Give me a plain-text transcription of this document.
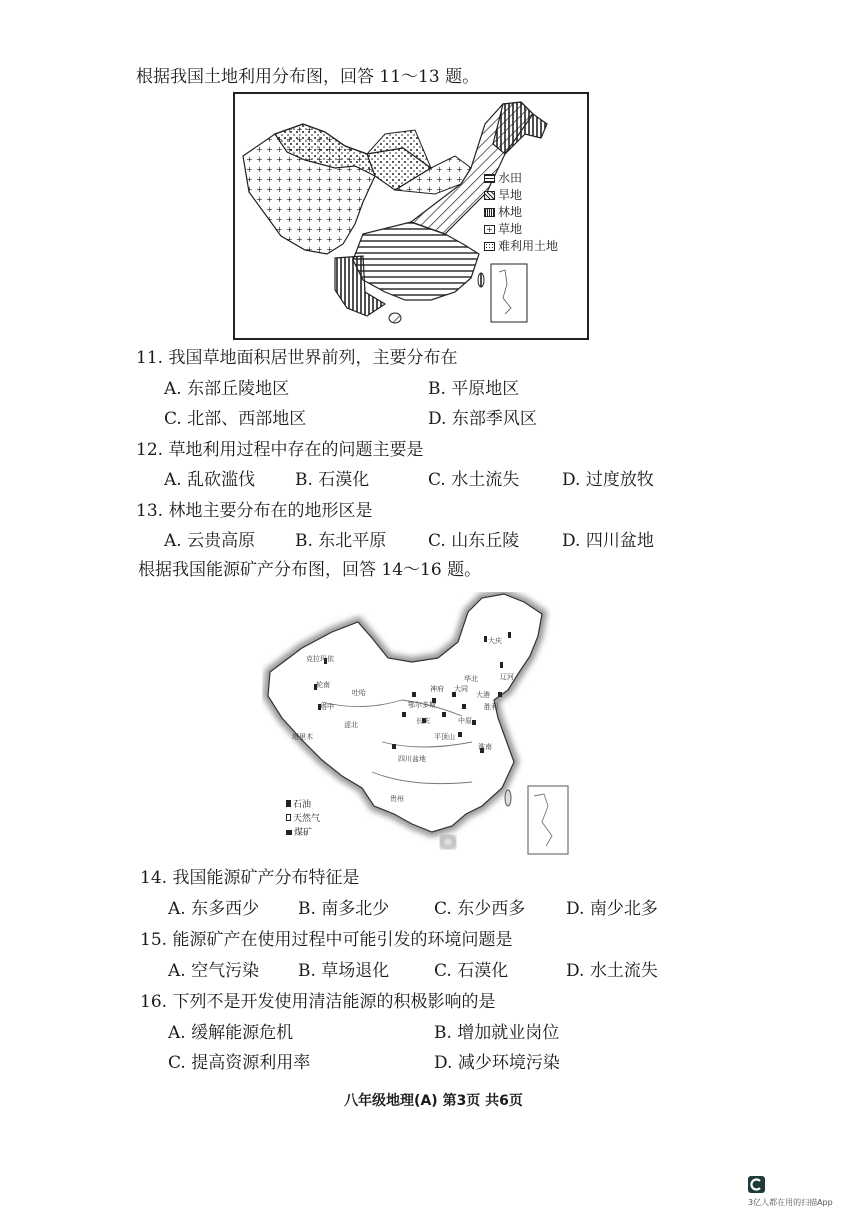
根据我国土地利用分布图，回答 11～13 题。
水田
旱地
林地
+ 草地
难利用土地
11. 我国草地面积居世界前列，主要分布在
A. 东部丘陵地区	B. 平原地区
C. 北部、西部地区	D. 东部季风区
12. 草地利用过程中存在的问题主要是
A. 乱砍滥伐 B. 石漠化	C. 水土流失	D. 过度放牧
13. 林地主要分布在的地形区是
A. 云贵高原 B. 东北平原 C. 山东丘陵	D. 四川盆地
根据我国能源矿产分布图，回答 14～16 题。
石油
天然气
煤矿
克拉玛依
轮南
塔中
涩北
吐哈
大庆
辽河
胜利
大同
平顶山
鄂尔多斯
四川盆地
长庆	中原
大港
华北
神府
淮南
塔里木
贵州
14. 我国能源矿产分布特征是
A. 东多西少 B. 南多北少	C. 东少西多 D. 南少北多
15. 能源矿产在使用过程中可能引发的环境问题是
A. 空气污染 B. 草场退化	C. 石漠化	D. 水土流失
16. 下列不是开发使用清洁能源的积极影响的是
A. 缓解能源危机	B. 增加就业岗位
C. 提高资源利用率	D. 减少环境污染
八年级地理(A) 第3页 共6页
3亿人都在用的扫描App
